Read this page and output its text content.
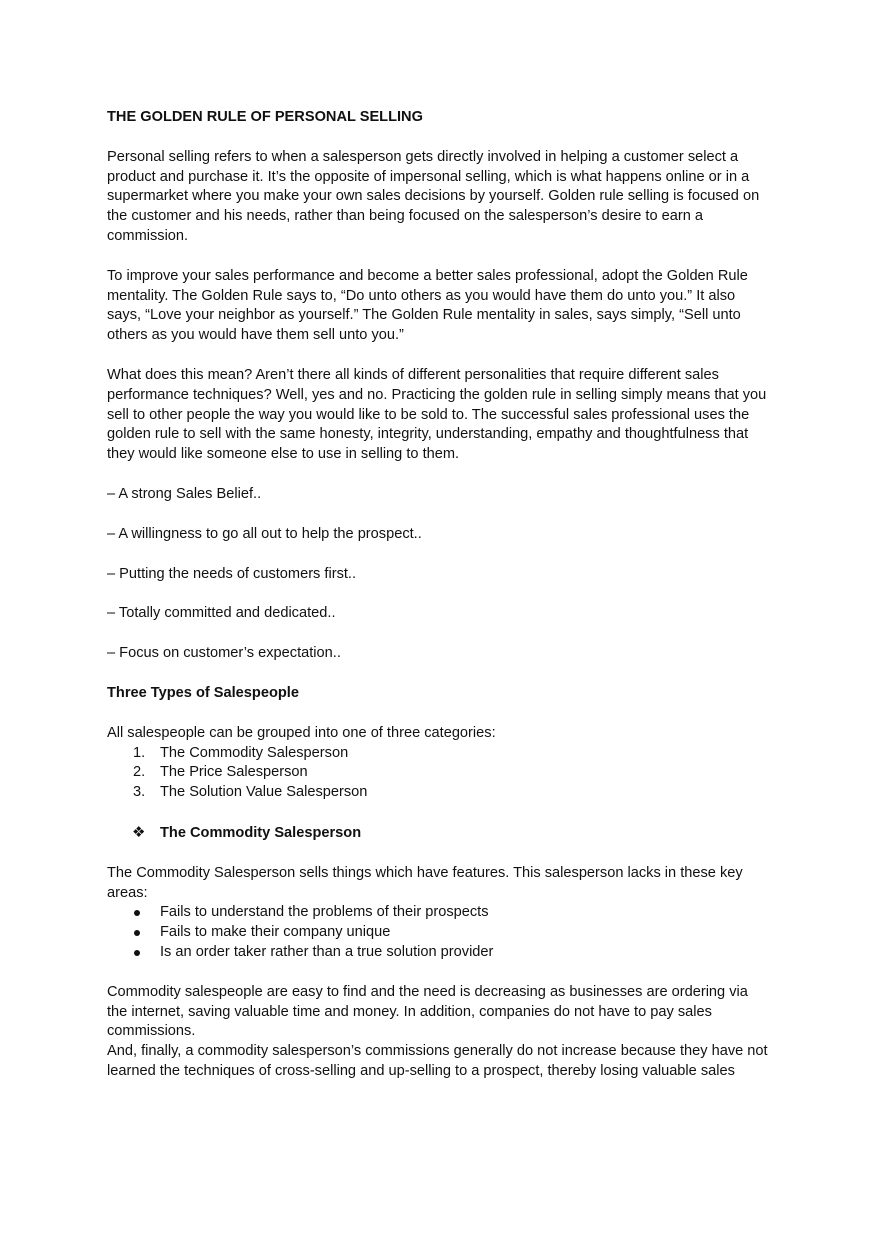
THE GOLDEN RULE OF PERSONAL SELLING

Personal selling refers to when a salesperson gets directly involved in helping a customer select a product and purchase it. It’s the opposite of impersonal selling, which is what happens online or in a supermarket where you make your own sales decisions by yourself. Golden rule selling is focused on the customer and his needs, rather than being focused on the salesperson’s desire to earn a commission.

To improve your sales performance and become a better sales professional, adopt the Golden Rule mentality. The Golden Rule says to, “Do unto others as you would have them do unto you.” It also says, “Love your neighbor as yourself.” The Golden Rule mentality in sales, says simply, “Sell unto others as you would have them sell unto you.”

What does this mean? Aren’t there all kinds of different personalities that require different sales performance techniques? Well, yes and no. Practicing the golden rule in selling simply means that you sell to other people the way you would like to be sold to. The successful sales professional uses the golden rule to sell with the same honesty, integrity, understanding, empathy and thoughtfulness that they would like someone else to use in selling to them.

– A strong Sales Belief..

– A willingness to go all out to help the prospect..

– Putting the needs of customers first..

– Totally committed and dedicated..

– Focus on customer’s expectation..

Three Types of Salespeople

All salespeople can be grouped into one of three categories:

1. The Commodity Salesperson
2. The Price Salesperson
3. The Solution Value Salesperson
❖ The Commodity Salesperson

The Commodity Salesperson sells things which have features. This salesperson lacks in these key areas:

Fails to understand the problems of their prospects
Fails to make their company unique
Is an order taker rather than a true solution provider

Commodity salespeople are easy to find and the need is decreasing as businesses are ordering via the internet, saving valuable time and money. In addition, companies do not have to pay sales commissions.

And, finally, a commodity salesperson’s commissions generally do not increase because they have not learned the techniques of cross-selling and up-selling to a prospect, thereby losing valuable sales
